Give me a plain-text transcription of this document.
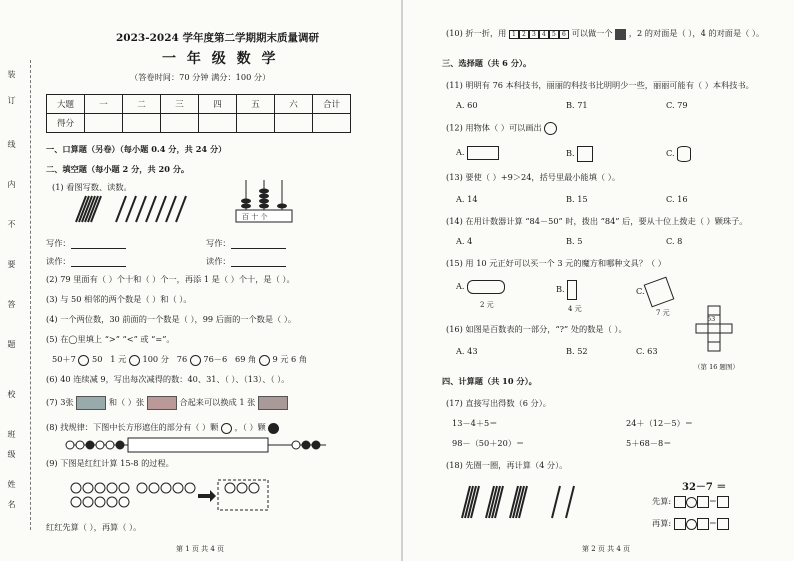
装
订
线
内
不
要
答
题
校
班
级
姓
名
2023-2024 学年度第二学期期末质量调研
一 年 级 数 学
（答卷时间：70 分钟 满分：100 分）
大题	一	二	三	四	五	六	合计
得分							
一、口算题（另卷）（每小题 0.4 分，共 24 分）
二、填空题（每小题 2 分，共 20 分。
(1) 看图写数、读数。
百 十 个
写作：
读作：
写作：
读作：
(2) 79 里面有（ ）个十和（ ）个一，再添 1 是（ ）个十，是（ ）。
(3) 与 50 相邻的两个数是（ ）和（ ）。
(4) 一个两位数，30 前面的一个数是（ ），99 后面的一个数是（ ）。
(5) 在◯里填上 “>” “<” 或 “=”。
50＋7 50 1 元 100 分 76 76－6 69 角 9 元 6 角
(6) 40 连续减 9，写出每次减得的数：40、31、（ ）、（13）、（ ）。
(7) 3张	和（ ）张	合起来可以换成 1 张
(8) 找规律：下图中长方形遮住的部分有（ ）颗 ，（ ）颗
(9) 下图是红红计算 15-8 的过程。
红红先算（ ），再算（ ）。
第 1 页 共 4 页
(10) 折一折，用 1 2 3 4 5 6 可以做一个 ，2 的对面是（ ），4 的对面是（ ）。
三、选择题（共 6 分）。
(11) 明明有 76 本科技书，丽丽的科技书比明明少一些，丽丽可能有（ ）本科技书。
A. 60	B. 71	C. 79
(12) 用物体（ ）可以画出
A.	B.	C.
(13) 要使（ ）+9＞24，括号里最小能填（ ）。
A. 14	B. 15	C. 16
(14) 在用计数器计算 “84－50” 时，拨出 “84” 后，要从十位上拨走（ ）颗珠子。
A. 4	B. 5	C. 8
(15) 用 10 元正好可以买一个 3 元的魔方和哪种文具？（ ）
A.
2 元
B.
4 元
C.
7 元
(16) 如图是百数表的一部分，“?” 处的数是（ ）。
A. 43	B. 52	C. 63
53
（第 16 题图）
四、计算题（共 10 分）。
(17) 直接写出得数（6 分）。
13－4＋5＝	24＋（12－5）＝
98－（50＋20）＝	5＋68－8＝
(18) 先圈一圈，再计算（4 分）。
32－7 ＝
先算:	＝
再算:	＝
第 2 页 共 4 页
